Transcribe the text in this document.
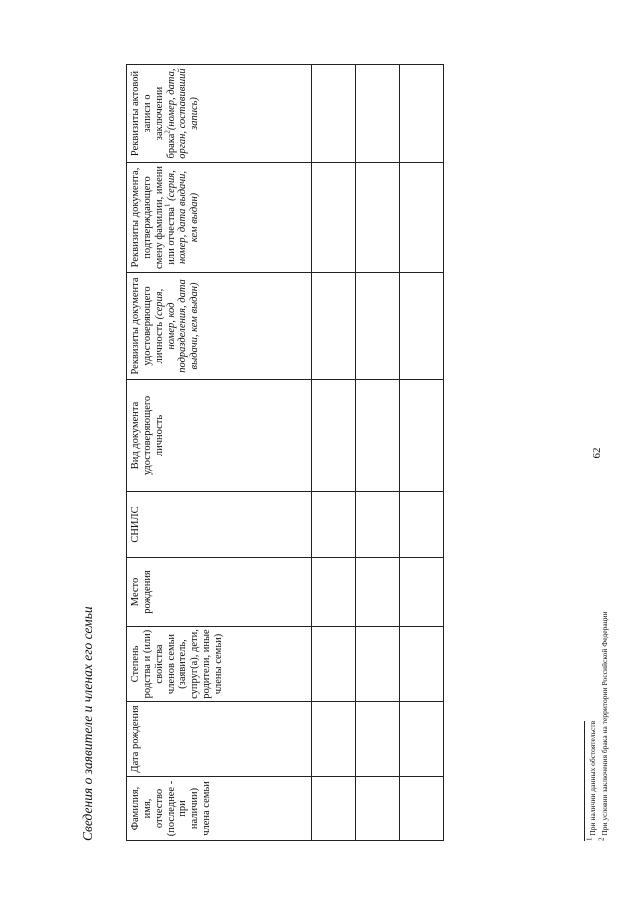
62
Сведения о заявителе и членах его семьи	Фамилия, имя, отчество (последнее - при наличии) члена семьи	Дата рождения	Степень родства и (или) свойства членов семьи (заявитель, супруг(а), дети, родители, иные члены семьи)	Место рождения	СНИЛС	Вид документа удостоверяющего личность	Реквизиты документа удостоверяющего личность (серия, номер, код подразделения, дата выдачи, кем выдан)	Реквизиты документа, подтверждающего смену фамилии, имени или отчества$^1$ (серия, номер, дата выдачи, кем выдан)	Реквизиты актовой записи о заключении брака$^2$(номер, дата, орган, составивший запись)

$^1$ При наличии данных обстоятельств
$^2$ При условии заключения брака на территории Российской Федерации
